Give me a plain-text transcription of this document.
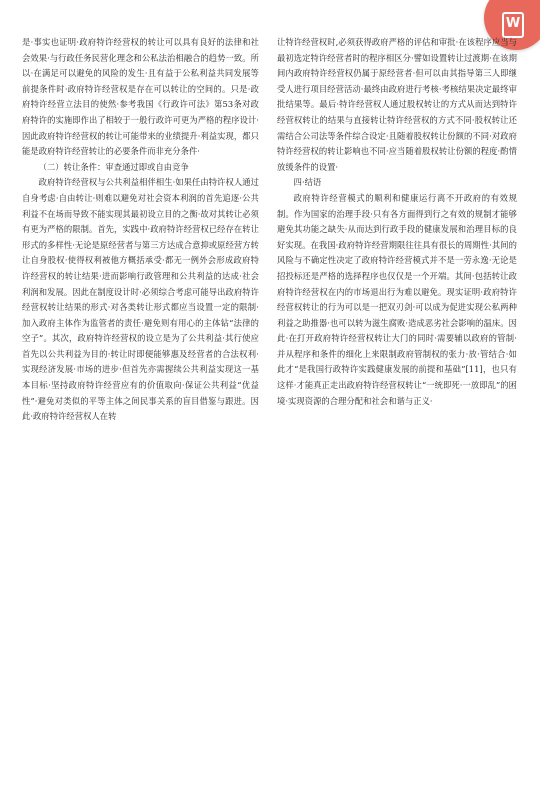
W

是·事实也证明·政府特许经营权的转让可以具有良好的法律和社会效果·与行政任务民营化理念和公私法治相融合的趋势一致。所以·在满足可以避免的风险的发生·且有益于公私利益共同发展等前提条件时·政府特许经营权是存在可以转让的空间的。只是·政府特许经营立法目的使然·参考我国《行政许可法》第53条对政府特许的实施即作出了相较于一般行政许可更为严格的程序设计·因此政府特许经营权的转让可能带来的业绩提升·利益实现，都只能是政府特许经营转让的必要条件而非充分条件·

（二）转让条件：审查通过即或自由竞争

政府特许经营权与公共利益相伴相生·如果任由特许权人通过自身考虑·自由转让·则难以避免对社会资本利润的首先追逐·公共利益不在场而导致不能实现其最初设立目的之衡·故对其转让必须有更为严格的限制。首先，实践中·政府特许经营权已经存在转让形式的多样性·无论是原经营者与第三方达成合意抑或原经营方转让自身股权·使得权利被他方概括承受·都无一例外会形成政府特许经营权的转让结果·进而影响行政管理和公共利益的达成·社会利润和发展。因此在制度设计时·必须综合考虑可能导出政府特许经营权转让结果的形式·对各类转让形式都应当设置一定的限制·加入政府主体作为监管者的责任·避免则有用心的主体钻“法律的空子”。其次，政府特许经营权的设立是为了公共利益·其行使应首先以公共利益为目的·转让时即便能够惠及经营者的合法权利·实现经济发展·市场的进步·但首先亦需握续公共利益实现这一基本目标·坚持政府特许经营应有的价值取向·保证公共利益“优益性”·避免对类似的平等主体之间民事关系的盲目借鉴与跟进。因此·政府特许经营权人在转

让特许经营权时,必须获得政府严格的评估和审批·在该程序应当与最初选定特许经营者时的程序相区分·譬如设置转让过渡期·在该期间内政府特许经营权仍属于原经营者·但可以由其指导第三人即继受人进行项目经营活动·最终由政府进行考核·考核结果决定最终审批结果等。最后·特许经营权人通过股权转让的方式从而达到特许经营权转让的结果与直接转让特许经营权的方式不同·股权转让还需结合公司法等条件综合设定·且随着股权转让份额的不同·对政府特许经营权的转让影响也不同·应当随着股权转让份额的程度·酌情放缓条件的设置·

四·结语

政府特许经营模式的顺利和健康运行离不开政府的有效规制。作为国家的治理手段·只有各方面得到行之有效的规制才能够避免其功能之缺失·从而达到行政手段的健康发展和治理目标的良好实现。在我国·政府特许经营期限往往具有很长的周期性·其间的风险与不确定性决定了政府特许经营模式并不是一劳永逸·无论是招投标还是严格的选择程序也仅仅是一个开端。其间·包括转让政府特许经营权在内的市场退出行为难以避免。现实证明·政府特许经营权转让的行为可以是一把双刃剑·可以成为促进实现公私两种利益之助推器·也可以转为滋生腐败·造成恶劣社会影响的温床。因此·在打开政府特许经营权转让大门的同时·需要辅以政府的管制·并从程序和条件的细化上来限制政府管制权的张力·放·管结合·如此才“是我国行政特许实践健康发展的前提和基础”[11]，也只有这样·才能真正走出政府特许经营权转让“一统即死·一放即乱”的困境·实现资源的合理分配和社会和谐与正义·
